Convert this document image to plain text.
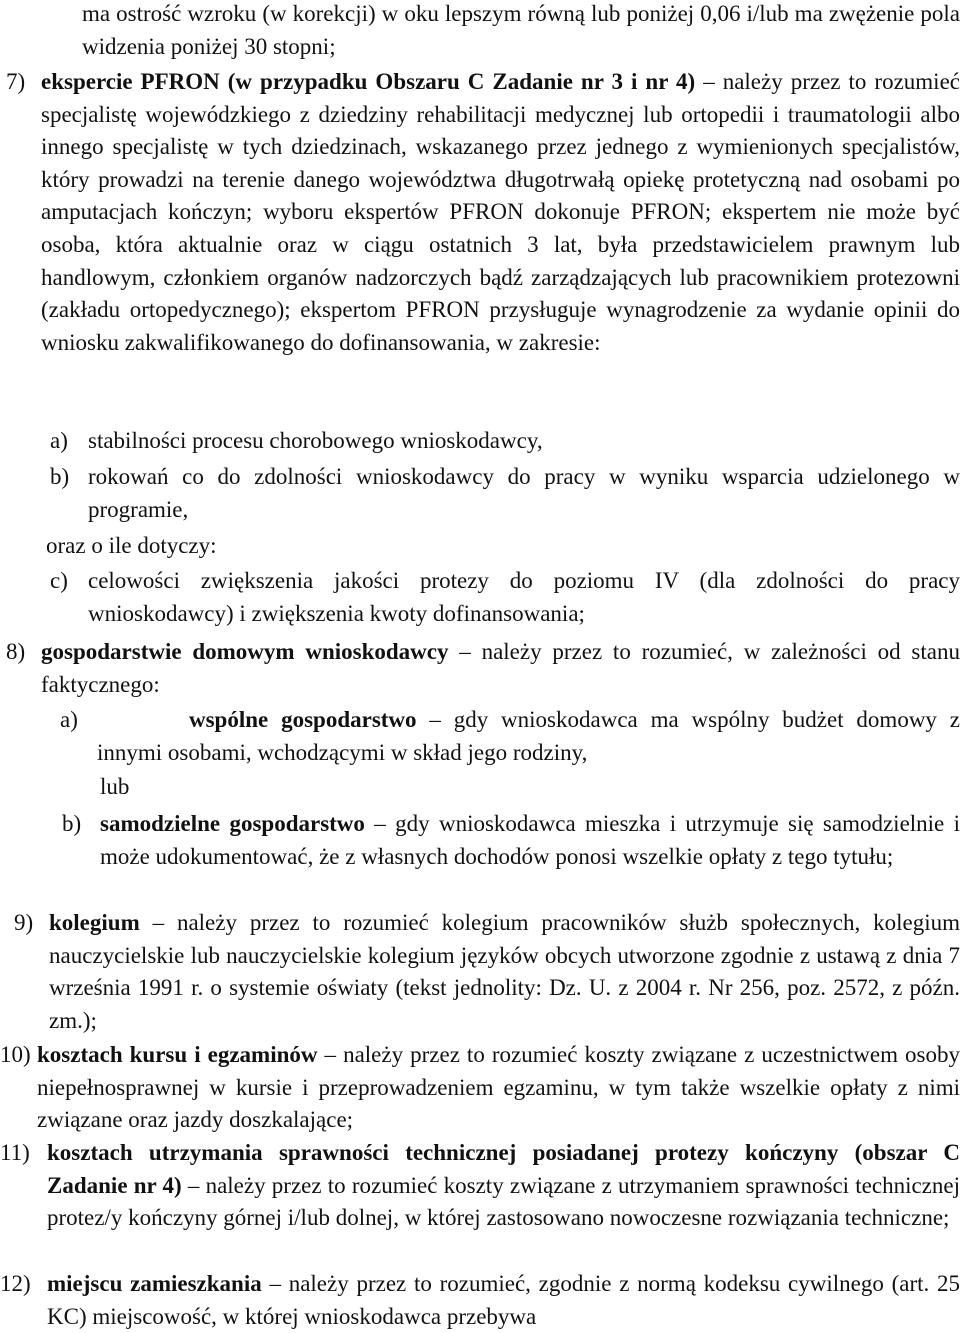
ma ostrość wzroku (w korekcji) w oku lepszym równą lub poniżej 0,06 i/lub ma zwężenie pola widzenia poniżej 30 stopni;

7) ekspercie PFRON (w przypadku Obszaru C Zadanie nr 3 i nr 4) – należy przez to rozumieć specjalistę wojewódzkiego z dziedziny rehabilitacji medycznej lub ortopedii i traumatologii albo innego specjalistę w tych dziedzinach, wskazanego przez jednego z wymienionych specjalistów, który prowadzi na terenie danego województwa długotrwałą opiekę protetyczną nad osobami po amputacjach kończyn; wyboru ekspertów PFRON dokonuje PFRON; ekspertem nie może być osoba, która aktualnie oraz w ciągu ostatnich 3 lat, była przedstawicielem prawnym lub handlowym, członkiem organów nadzorczych bądź zarządzających lub pracownikiem protezowni (zakładu ortopedycznego); ekspertom PFRON przysługuje wynagrodzenie za wydanie opinii do wniosku zakwalifikowanego do dofinansowania, w zakresie:

a) stabilności procesu chorobowego wnioskodawcy,
b) rokowań co do zdolności wnioskodawcy do pracy w wyniku wsparcia udzielonego w programie,

oraz o ile dotyczy:

c) celowości zwiększenia jakości protezy do poziomu IV (dla zdolności do pracy wnioskodawcy) i zwiększenia kwoty dofinansowania;
8) gospodarstwie domowym wnioskodawcy – należy przez to rozumieć, w zależności od stanu faktycznego:

a)	wspólne gospodarstwo – gdy wnioskodawca ma wspólny budżet domowy z innymi osobami, wchodzącymi w skład jego rodziny,

lub

b) samodzielne gospodarstwo – gdy wnioskodawca mieszka i utrzymuje się samodzielnie i może udokumentować, że z własnych dochodów ponosi wszelkie opłaty z tego tytułu;
9) kolegium – należy przez to rozumieć kolegium pracowników służb społecznych, kolegium nauczycielskie lub nauczycielskie kolegium języków obcych utworzone zgodnie z ustawą z dnia 7 września 1991 r. o systemie oświaty (tekst jednolity: Dz. U. z 2004 r. Nr 256, poz. 2572, z późn. zm.);

10) kosztach kursu i egzaminów – należy przez to rozumieć koszty związane z uczestnictwem osoby niepełnosprawnej w kursie i przeprowadzeniem egzaminu, w tym także wszelkie opłaty z nimi związane oraz jazdy doszkalające;

11) kosztach utrzymania sprawności technicznej posiadanej protezy kończyny (obszar C Zadanie nr 4) – należy przez to rozumieć koszty związane z utrzymaniem sprawności technicznej protez/y kończyny górnej i/lub dolnej, w której zastosowano nowoczesne rozwiązania techniczne;

12) miejscu zamieszkania – należy przez to rozumieć, zgodnie z normą kodeksu cywilnego (art. 25 KC) miejscowość, w której wnioskodawca przebywa
